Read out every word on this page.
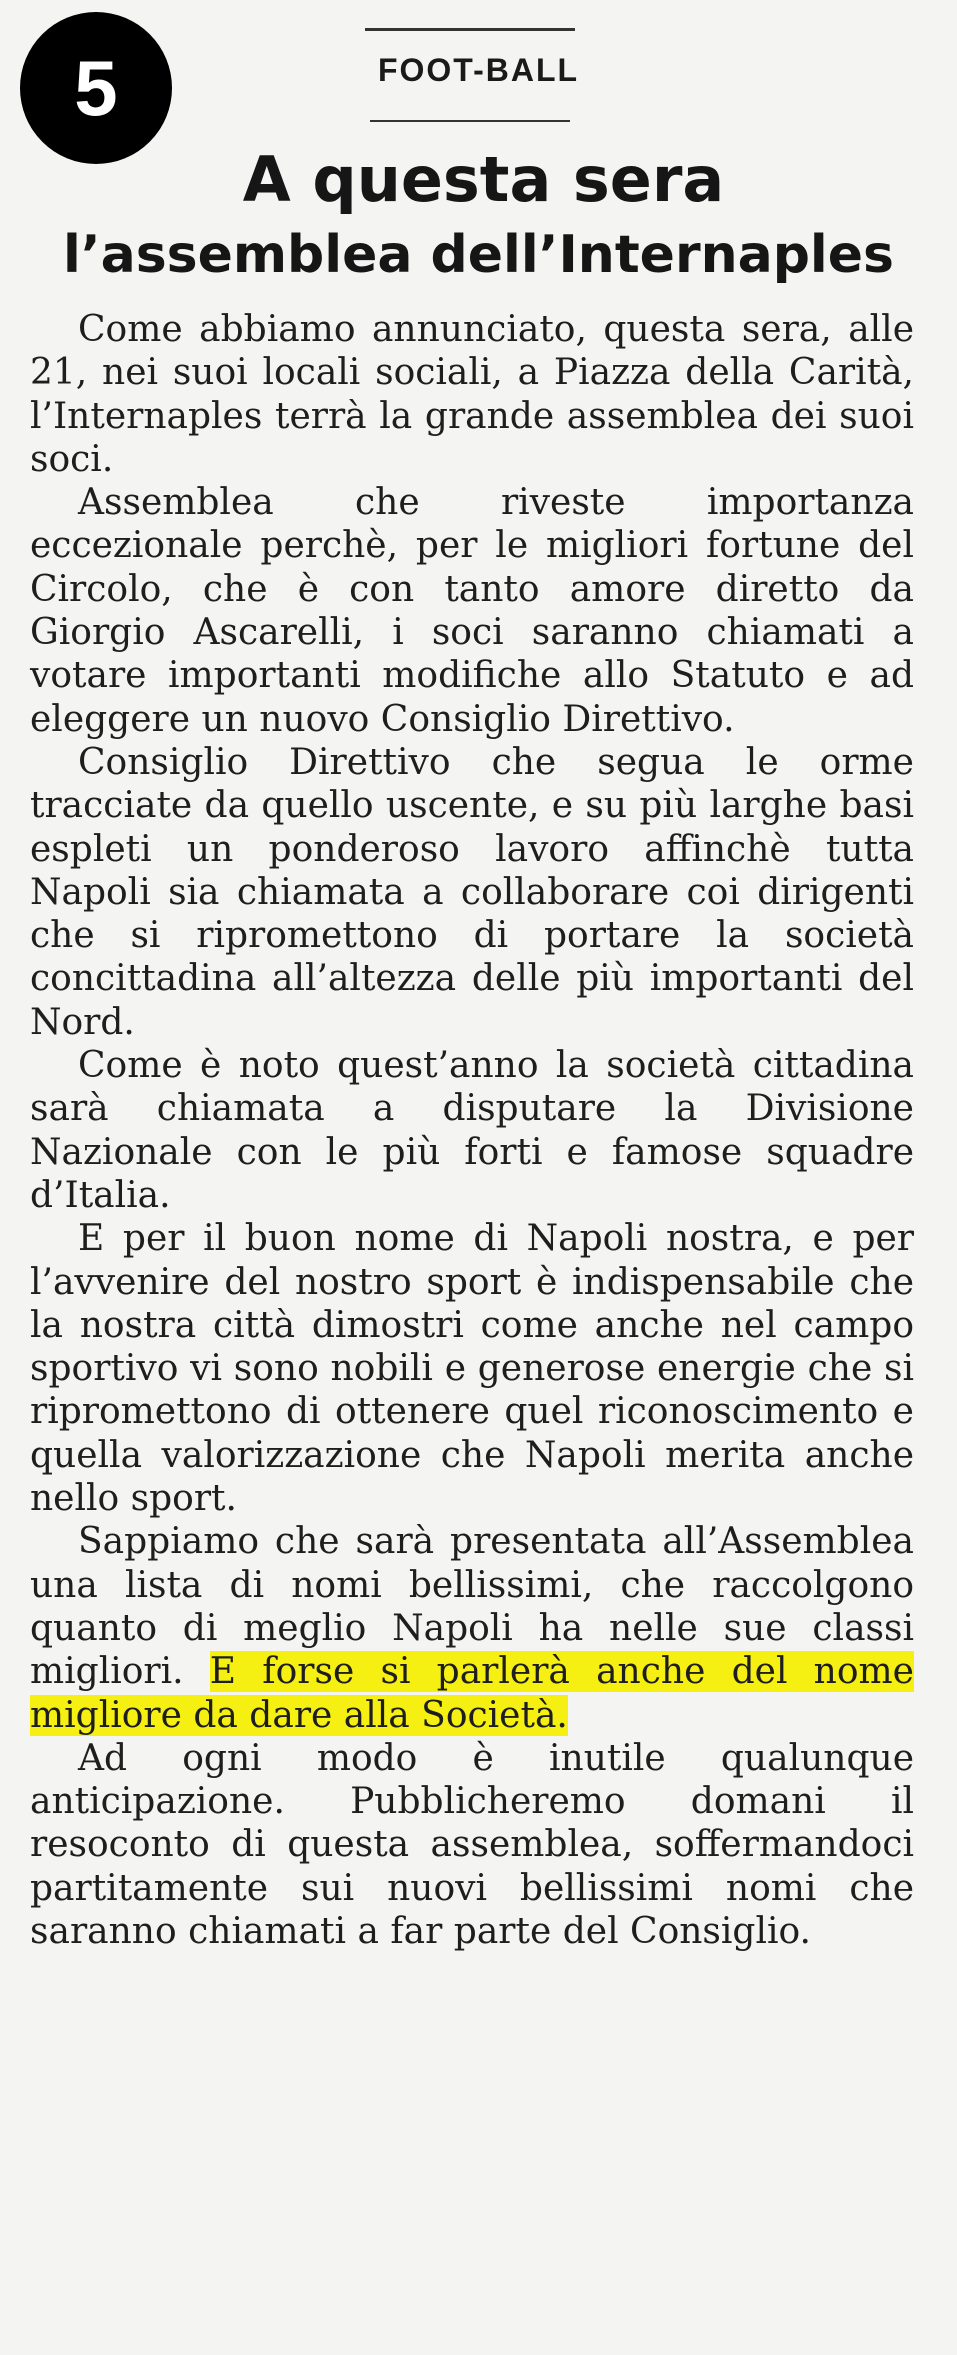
5	FOOT-BALL
A questa sera
l’assemblea dell’Internaples

Come abbiamo annunciato, questa sera, alle 21, nei suoi locali sociali, a Piazza della Carità, l’Internaples terrà la grande assemblea dei suoi soci.

Assemblea che riveste importanza eccezionale perchè, per le migliori fortune del Circolo, che è con tanto amore diretto da Giorgio Ascarelli, i soci saranno chiamati a votare importanti modifiche allo Statuto e ad eleggere un nuovo Consiglio Direttivo.

Consiglio Direttivo che segua le orme tracciate da quello uscente, e su più larghe basi espleti un ponderoso lavoro affinchè tutta Napoli sia chiamata a collaborare coi dirigenti che si ripromettono di portare la società concittadina all’altezza delle più importanti del Nord.

Come è noto quest’anno la società cittadina sarà chiamata a disputare la Divisione Nazionale con le più forti e famose squadre d’Italia.

E per il buon nome di Napoli nostra, e per l’avvenire del nostro sport è indispensabile che la nostra città dimostri come anche nel campo sportivo vi sono nobili e generose energie che si ripromettono di ottenere quel riconoscimento e quella valorizzazione che Napoli merita anche nello sport.

Sappiamo che sarà presentata all’Assemblea una lista di nomi bellissimi, che raccolgono quanto di meglio Napoli ha nelle sue classi migliori. E forse si parlerà anche del nome migliore da dare alla Società.

Ad ogni modo è inutile qualunque anticipazione. Pubblicheremo domani il resoconto di questa assemblea, soffermandoci partitamente sui nuovi bellissimi nomi che saranno chiamati a far parte del Consiglio.
